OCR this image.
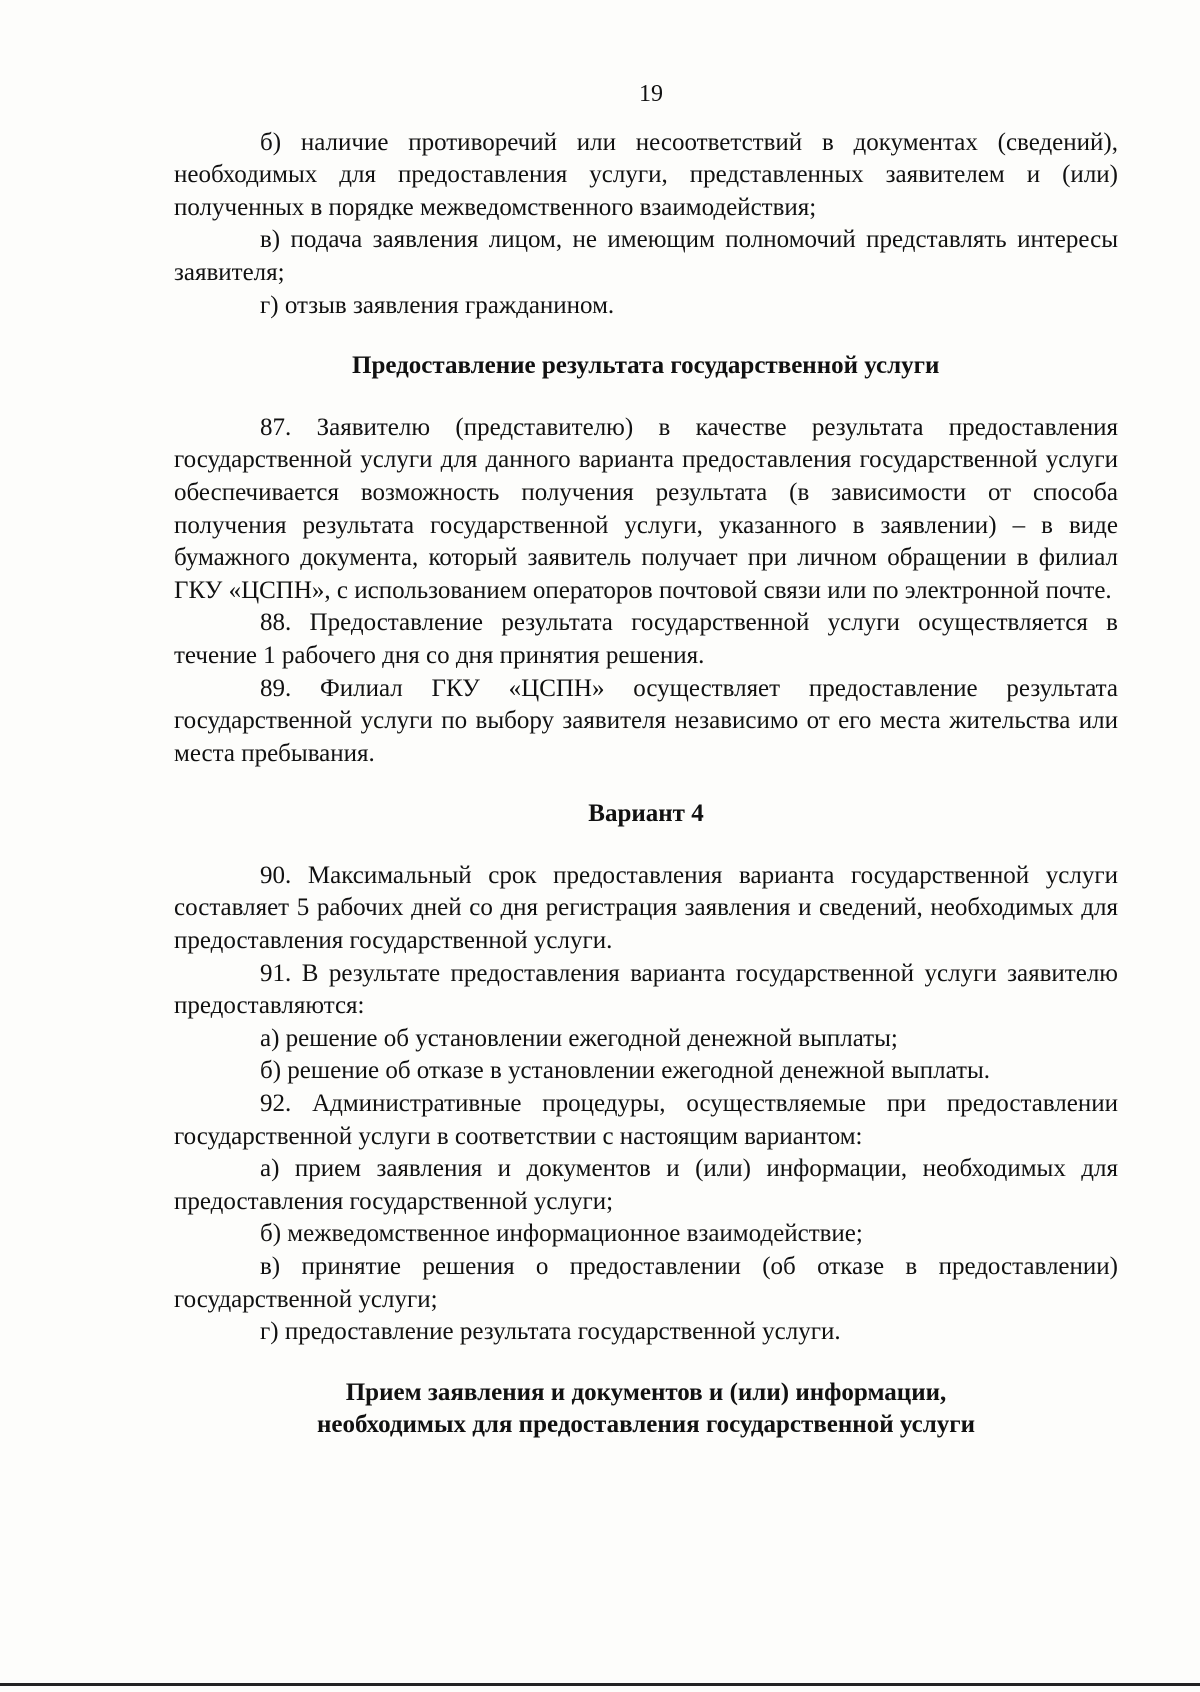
19

б) наличие противоречий или несоответствий в документах (сведений), необходимых для предоставления услуги, представленных заявителем и (или) полученных в порядке межведомственного взаимодействия;

в) подача заявления лицом, не имеющим полномочий представлять интересы заявителя;

г) отзыв заявления гражданином.

Предоставление результата государственной услуги

87. Заявителю (представителю) в качестве результата предоставления государственной услуги для данного варианта предоставления государственной услуги обеспечивается возможность получения результата (в зависимости от способа получения результата государственной услуги, указанного в заявлении) – в виде бумажного документа, который заявитель получает при личном обращении в филиал ГКУ «ЦСПН», с использованием операторов почтовой связи или по электронной почте.

88. Предоставление результата государственной услуги осуществляется в течение 1 рабочего дня со дня принятия решения.

89. Филиал ГКУ «ЦСПН» осуществляет предоставление результата государственной услуги по выбору заявителя независимо от его места жительства или места пребывания.

Вариант 4

90. Максимальный срок предоставления варианта государственной услуги составляет 5 рабочих дней со дня регистрация заявления и сведений, необходимых для предоставления государственной услуги.

91. В результате предоставления варианта государственной услуги заявителю предоставляются:

а) решение об установлении ежегодной денежной выплаты;

б) решение об отказе в установлении ежегодной денежной выплаты.

92. Административные процедуры, осуществляемые при предоставлении государственной услуги в соответствии с настоящим вариантом:

а) прием заявления и документов и (или) информации, необходимых для предоставления государственной услуги;

б) межведомственное информационное взаимодействие;

в) принятие решения о предоставлении (об отказе в предоставлении) государственной услуги;

г) предоставление результата государственной услуги.

Прием заявления и документов и (или) информации,
необходимых для предоставления государственной услуги
